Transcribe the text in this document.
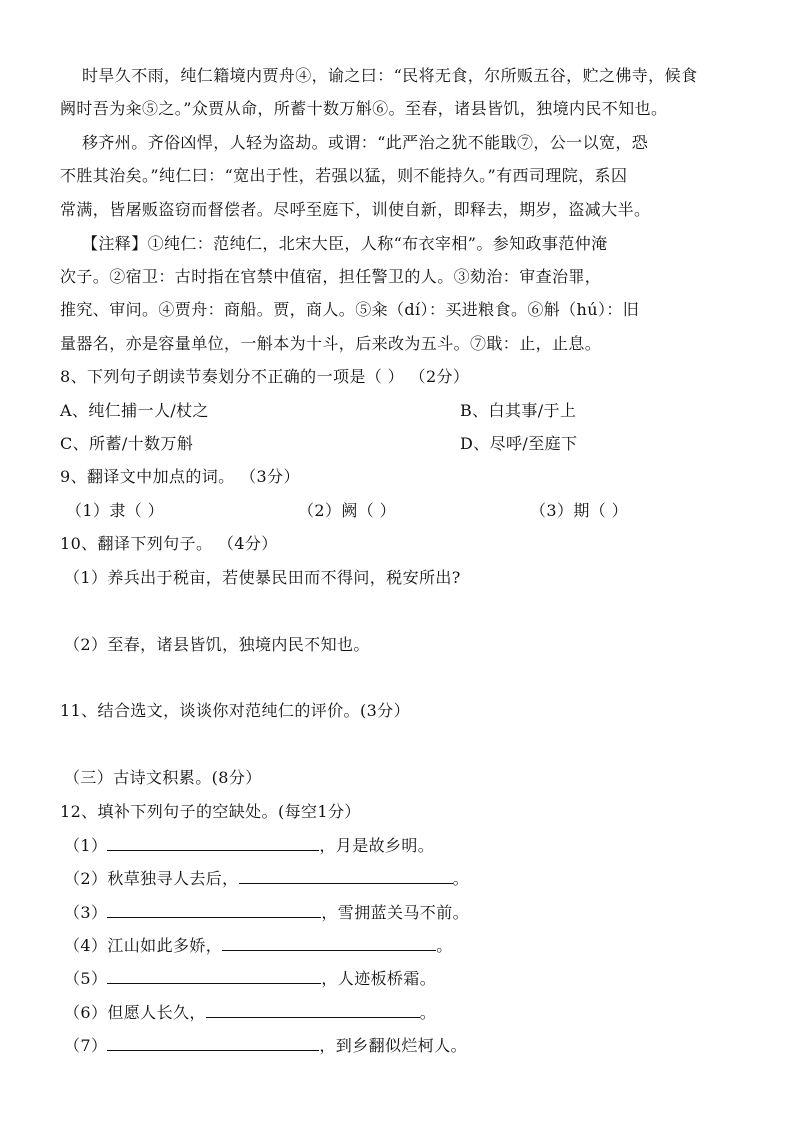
时旱久不雨，纯仁籍境内贾舟④，谕之曰：“民将无食，尔所贩五谷，贮之佛寺，候食
阙时吾为籴⑤之。”众贾从命，所蓄十数万斛⑥。至春，诸县皆饥，独境内民不知也。
移齐州。齐俗凶悍，人轻为盗劫。或谓：“此严治之犹不能戢⑦，公一以宽，恐
不胜其治矣。”纯仁曰：“宽出于性，若强以猛，则不能持久。”有西司理院，系囚
常满，皆屠贩盗窃而督偿者。尽呼至庭下，训使自新，即释去，期岁，盗减大半。
【注释】①纯仁：范纯仁，北宋大臣，人称“布衣宰相”。参知政事范仲淹
次子。②宿卫：古时指在官禁中值宿，担任警卫的人。③劾治：审查治罪，
推究、审问。④贾舟：商船。贾，商人。⑤籴（dí）：买进粮食。⑥斛（hú）：旧
量器名，亦是容量单位，一斛本为十斗，后来改为五斗。⑦戢：止，止息。
8、下列句子朗读节奏划分不正确的一项是（ ） （2分）
A、纯仁捕一人/杖之	B、白其事/于上
C、所蓄/十数万斛	D、尽呼/至庭下
9、翻译文中加点的词。 （3分）
（1）隶（ ）	（2）阙（ ）	（3）期（ ）
10、翻译下列句子。 （4分）
（1）养兵出于税亩，若使暴民田而不得问，税安所出?
（2）至春，诸县皆饥，独境内民不知也。
11、结合选文，谈谈你对范纯仁的评价。(3分）
（三）古诗文积累。(8分）
12、填补下列句子的空缺处。(每空1分）
（1）	，月是故乡明。
（2）秋草独寻人去后，	。
（3）	，雪拥蓝关马不前。
（4）江山如此多娇，	。
（5）	，人迹板桥霜。
（6）但愿人长久，	。
（7）	，到乡翻似烂柯人。
